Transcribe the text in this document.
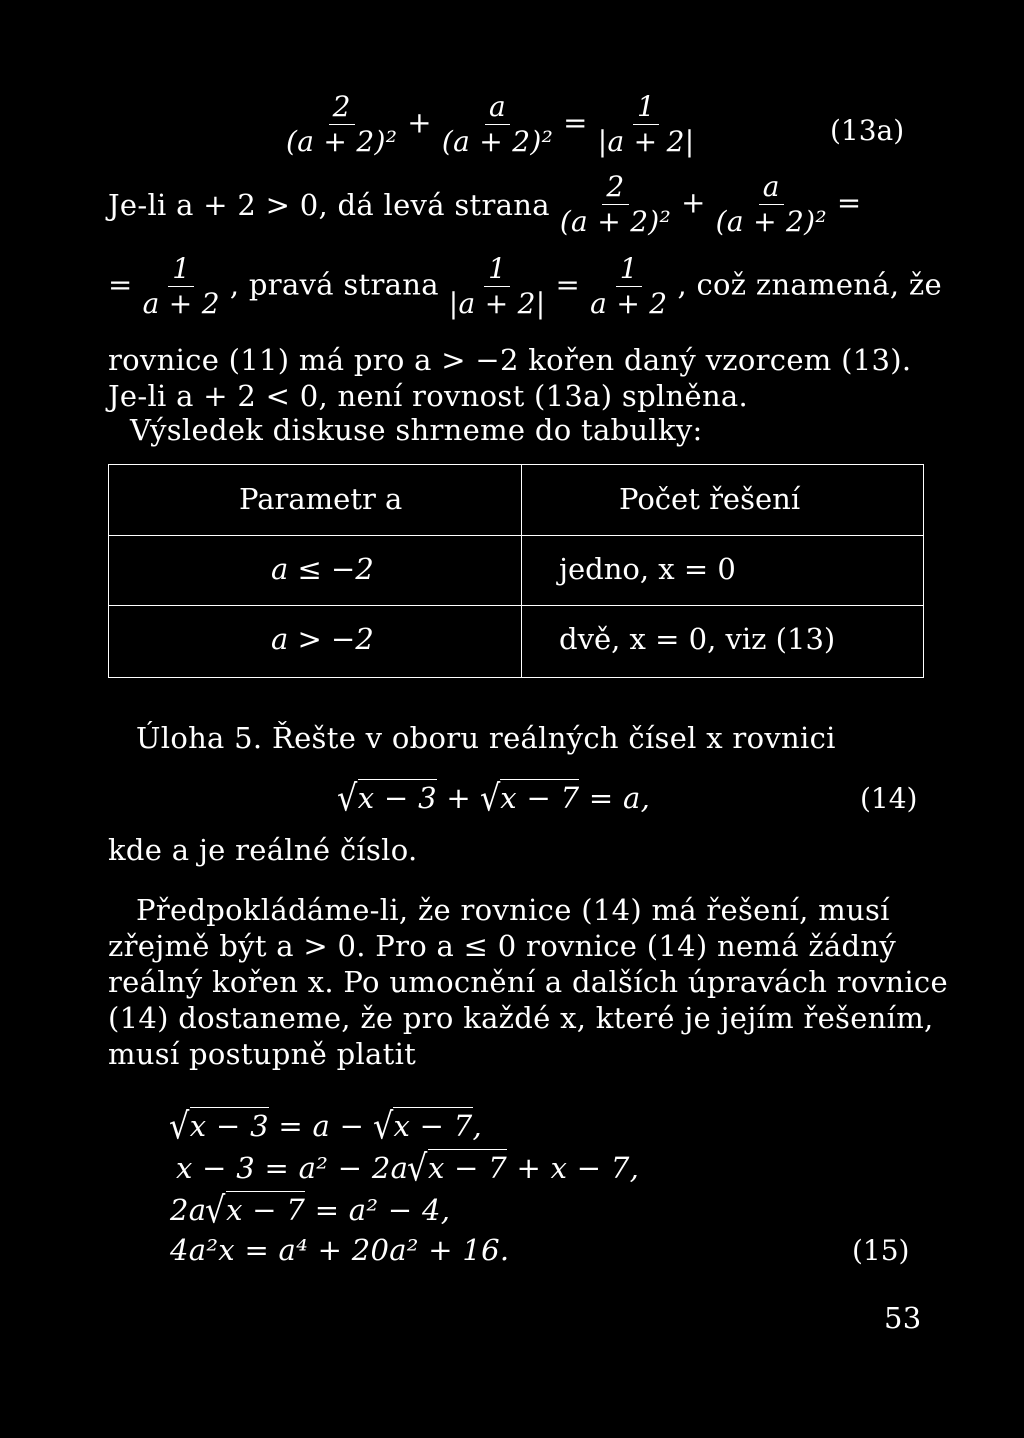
$\frac{2}{\text{(a + 2)²}} + \frac{a}{\text{(a + 2)²}} = \frac{1}{|a + 2|}$	(13a)
Je-li a + 2 > 0, dá levá strana $\frac{2}{\text{(a + 2)²}} + \frac{a}{\text{(a + 2)²}}$ =
= $\frac{1}{a + 2}$ , pravá strana $\frac{1}{|a + 2|} = \frac{1}{a + 2}$ , což znamená, že
rovnice (11) má pro a > −2 kořen daný vzorcem (13).
Je-li a + 2 < 0, není rovnost (13a) splněna.
Výsledek diskuse shrneme do tabulky:
Parametr a	Počet řešení
a ≤ −2	jedno, x = 0
a > −2	dvě, x = 0, viz (13)
Úloha 5. Řešte v oboru reálných čísel x rovnici
√x − 3 + √x − 7 = a,	(14)
kde a je reálné číslo.
Předpokládáme-li, že rovnice (14) má řešení, musí
zřejmě být a > 0. Pro a ≤ 0 rovnice (14) nemá žádný
reálný kořen x. Po umocnění a dalších úpravách rovnice
(14) dostaneme, že pro každé x, které je jejím řešením,
musí postupně platit
√x − 3 = a − √x − 7,
x − 3 = a² − 2a√x − 7 + x − 7,
2a√x − 7 = a² − 4,
4a²x = a⁴ + 20a² + 16.	(15)
53
